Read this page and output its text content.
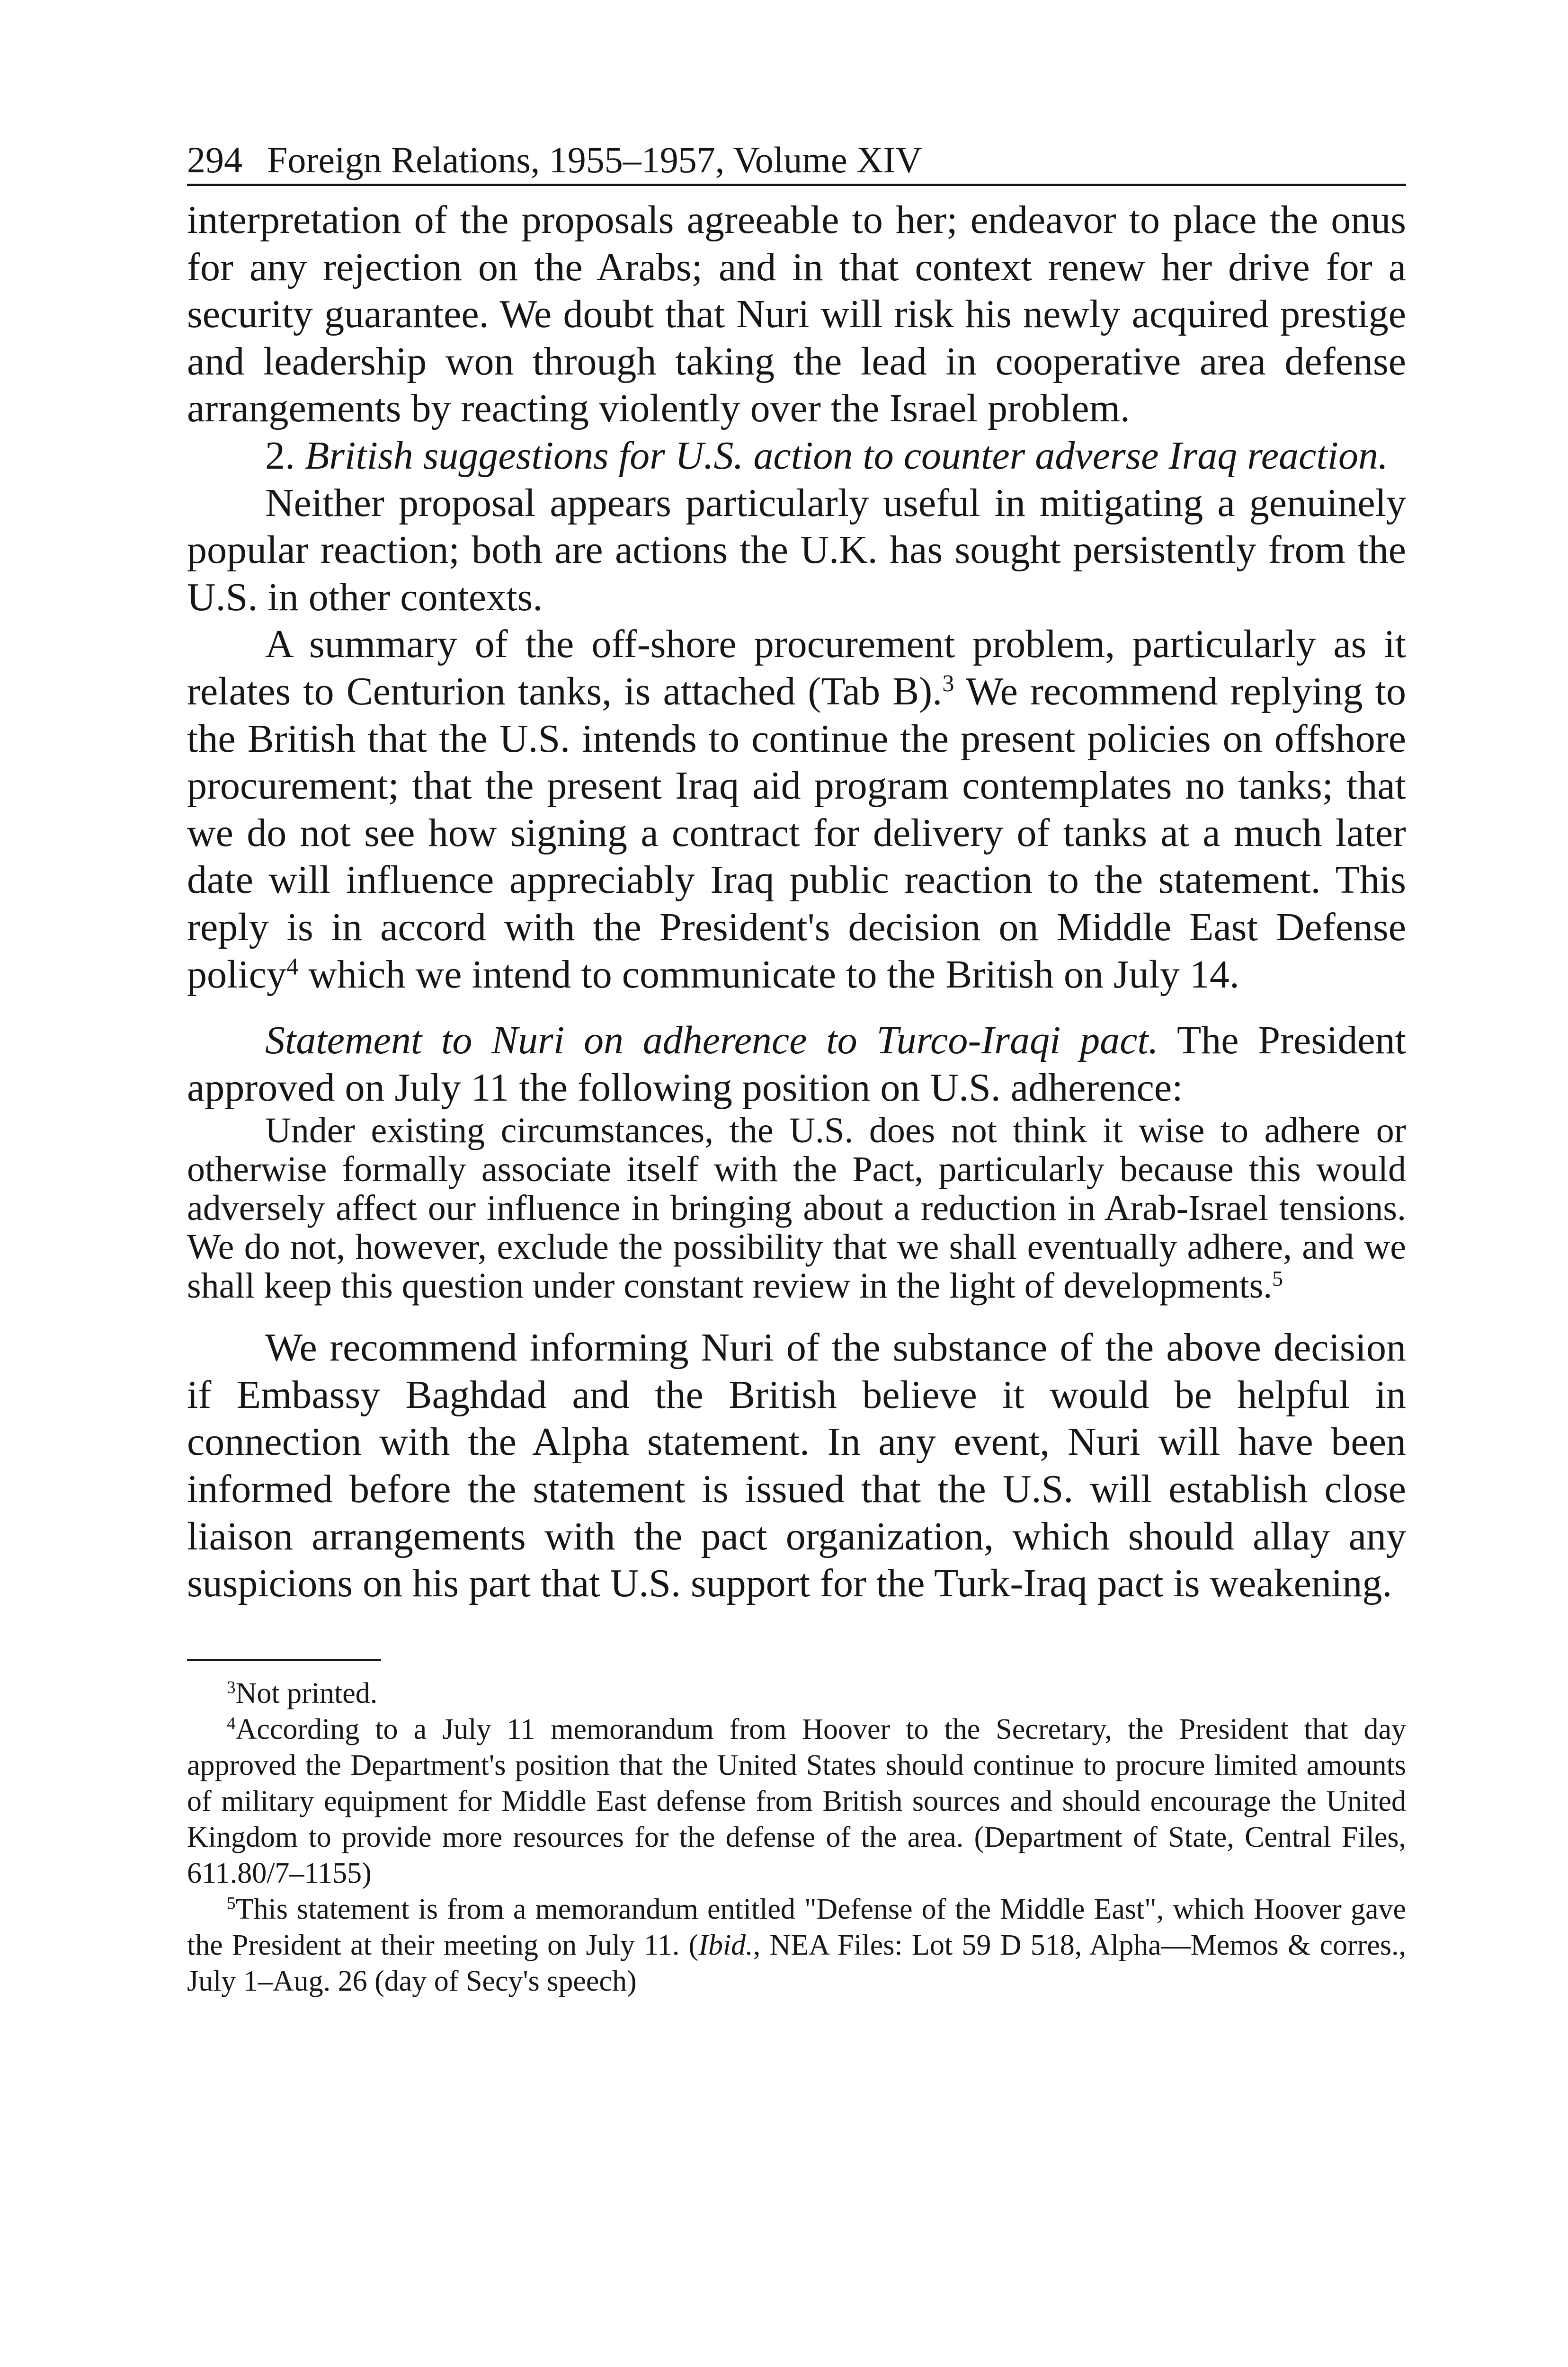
294 Foreign Relations, 1955–1957, Volume XIV

interpretation of the proposals agreeable to her; endeavor to place the onus for any rejection on the Arabs; and in that context renew her drive for a security guarantee. We doubt that Nuri will risk his newly acquired prestige and leadership won through taking the lead in cooperative area defense arrangements by reacting violently over the Israel problem.

2. British suggestions for U.S. action to counter adverse Iraq reaction.

Neither proposal appears particularly useful in mitigating a genuinely popular reaction; both are actions the U.K. has sought persistently from the U.S. in other contexts.

A summary of the off-shore procurement problem, particularly as it relates to Centurion tanks, is attached (Tab B).$^3$ We recommend replying to the British that the U.S. intends to continue the present policies on offshore procurement; that the present Iraq aid program contemplates no tanks; that we do not see how signing a contract for delivery of tanks at a much later date will influence appreciably Iraq public reaction to the statement. This reply is in accord with the President's decision on Middle East Defense policy$^4$ which we intend to communicate to the British on July 14.

Statement to Nuri on adherence to Turco-Iraqi pact. The President approved on July 11 the following position on U.S. adherence:

Under existing circumstances, the U.S. does not think it wise to adhere or otherwise formally associate itself with the Pact, particularly because this would adversely affect our influence in bringing about a reduction in Arab-Israel tensions. We do not, however, exclude the possibility that we shall eventually adhere, and we shall keep this question under constant review in the light of developments.$^5$

We recommend informing Nuri of the substance of the above decision if Embassy Baghdad and the British believe it would be helpful in connection with the Alpha statement. In any event, Nuri will have been informed before the statement is issued that the U.S. will establish close liaison arrangements with the pact organization, which should allay any suspicions on his part that U.S. support for the Turk-Iraq pact is weakening.

$^3$Not printed.

$^4$According to a July 11 memorandum from Hoover to the Secretary, the President that day approved the Department's position that the United States should continue to procure limited amounts of military equipment for Middle East defense from British sources and should encourage the United Kingdom to provide more resources for the defense of the area. (Department of State, Central Files, 611.80/7–1155)

$^5$This statement is from a memorandum entitled "Defense of the Middle East", which Hoover gave the President at their meeting on July 11. (Ibid., NEA Files: Lot 59 D 518, Alpha—Memos & corres., July 1–Aug. 26 (day of Secy's speech)
